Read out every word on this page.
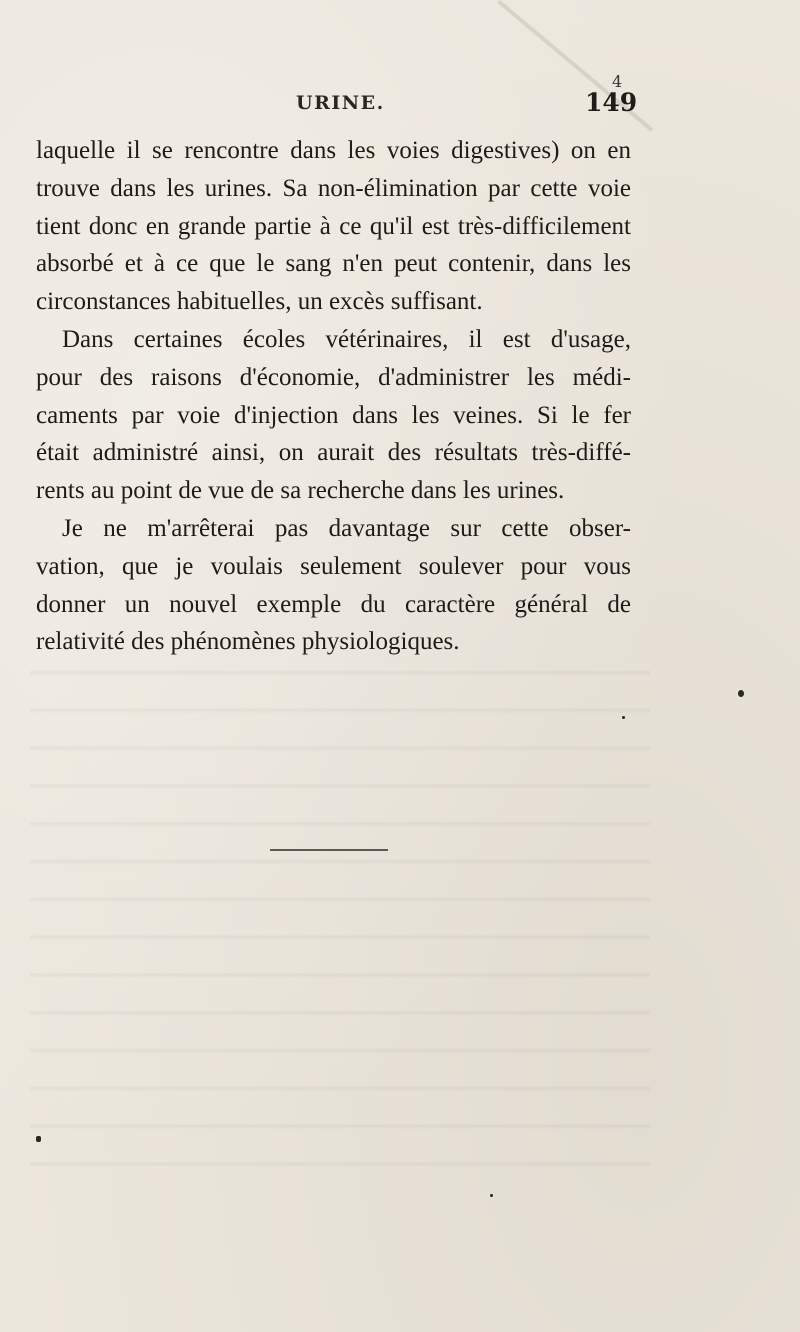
4
URINE.	149
laquelle il se rencontre dans les voies digestives) on en
trouve dans les urines. Sa non-élimination par cette voie
tient donc en grande partie à ce qu'il est très-difficilement
absorbé et à ce que le sang n'en peut contenir, dans les
circonstances habituelles, un excès suffisant.
Dans certaines écoles vétérinaires, il est d'usage,
pour des raisons d'économie, d'administrer les médi-
caments par voie d'injection dans les veines. Si le fer
était administré ainsi, on aurait des résultats très-diffé-
rents au point de vue de sa recherche dans les urines.
Je ne m'arrêterai pas davantage sur cette obser-
vation, que je voulais seulement soulever pour vous
donner un nouvel exemple du caractère général de
relativité des phénomènes physiologiques.
